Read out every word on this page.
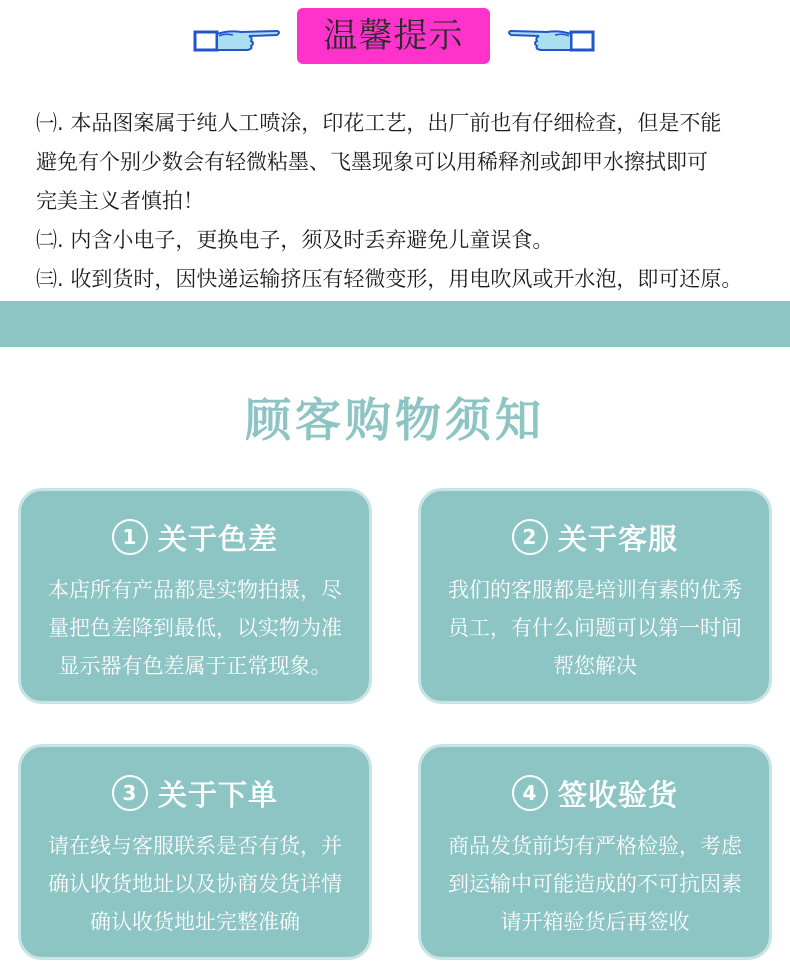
温馨提示
㈠. 本品图案属于纯人工喷涂，印花工艺，出厂前也有仔细检查，但是不能
避免有个别少数会有轻微粘墨、飞墨现象可以用稀释剂或卸甲水擦拭即可
完美主义者慎拍！
㈡. 内含小电子，更换电子，须及时丢弃避免儿童误食。
㈢. 收到货时，因快递运输挤压有轻微变形，用电吹风或开水泡，即可还原。
顾客购物须知
1 关于色差
本店所有产品都是实物拍摄，尽
量把色差降到最低，以实物为准
显示器有色差属于正常现象。
2 关于客服
我们的客服都是培训有素的优秀
员工，有什么问题可以第一时间
帮您解决
3 关于下单
请在线与客服联系是否有货，并
确认收货地址以及协商发货详情
确认收货地址完整准确
4 签收验货
商品发货前均有严格检验，考虑
到运输中可能造成的不可抗因素
请开箱验货后再签收
